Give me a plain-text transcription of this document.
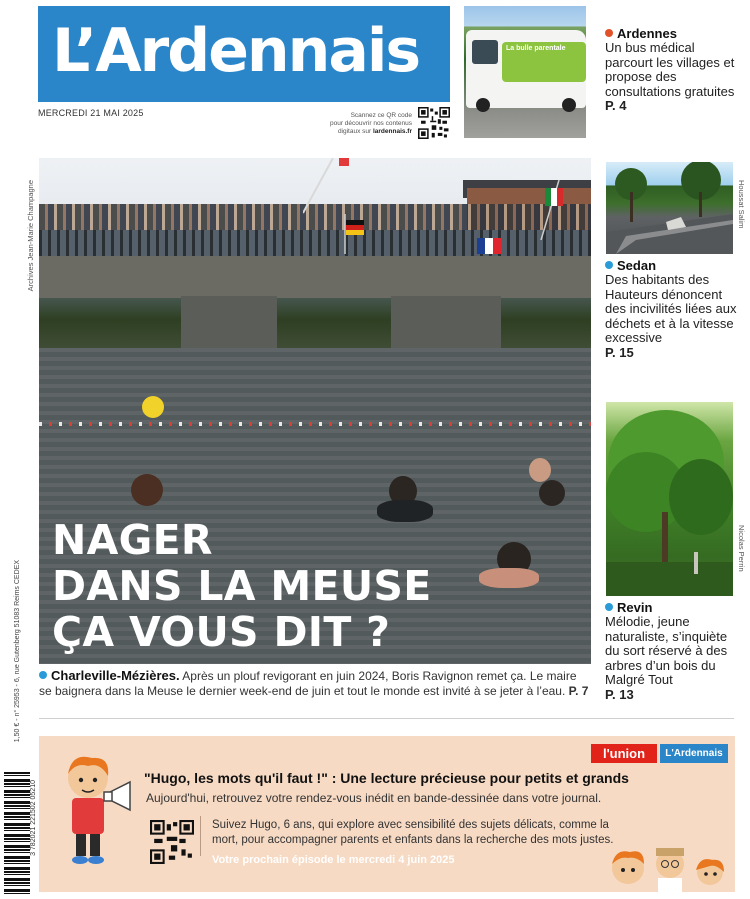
L’Ardennais
MERCREDI 21 MAI 2025	Scannez ce QR code
pour découvrir nos contenus
digitaux sur lardennais.fr
La bulle parentale
Ardennes
Un bus médical parcourt les villages et propose des consultations gratuites
P. 4
Houssat Salim
Sedan
Des habitants des Hauteurs dénoncent des incivilités liées aux déchets et à la vitesse excessive
P. 15
Nicolas Perrin
Revin
Mélodie, jeune naturaliste, s’inquiète du sort réservé à des arbres d’un bois du Malgré Tout
P. 13
Archives Jean-Marie Champagne
NAGER
DANS LA MEUSE
ÇA VOUS DIT ?
Charleville-Mézières. Après un plouf revigorant en juin 2024, Boris Ravignon remet ça. Le maire se baignera dans la Meuse le dernier week-end de juin et tout le monde est invité à se jeter à l’eau. P. 7
1,50 € - n° 25953 - 6, rue Gutenberg 51083 Reims CEDEX
3 782021 221502 05210
"Hugo, les mots qu'il faut !" : Une lecture précieuse pour petits et grands
Aujourd'hui, retrouvez votre rendez-vous inédit en bande-dessinée dans votre journal.
Suivez Hugo, 6 ans, qui explore avec sensibilité des sujets délicats, comme la mort, pour accompagner parents et enfants dans la recherche des mots justes.
Votre prochain épisode le mercredi 4 juin 2025
l'union	L'Ardennais
